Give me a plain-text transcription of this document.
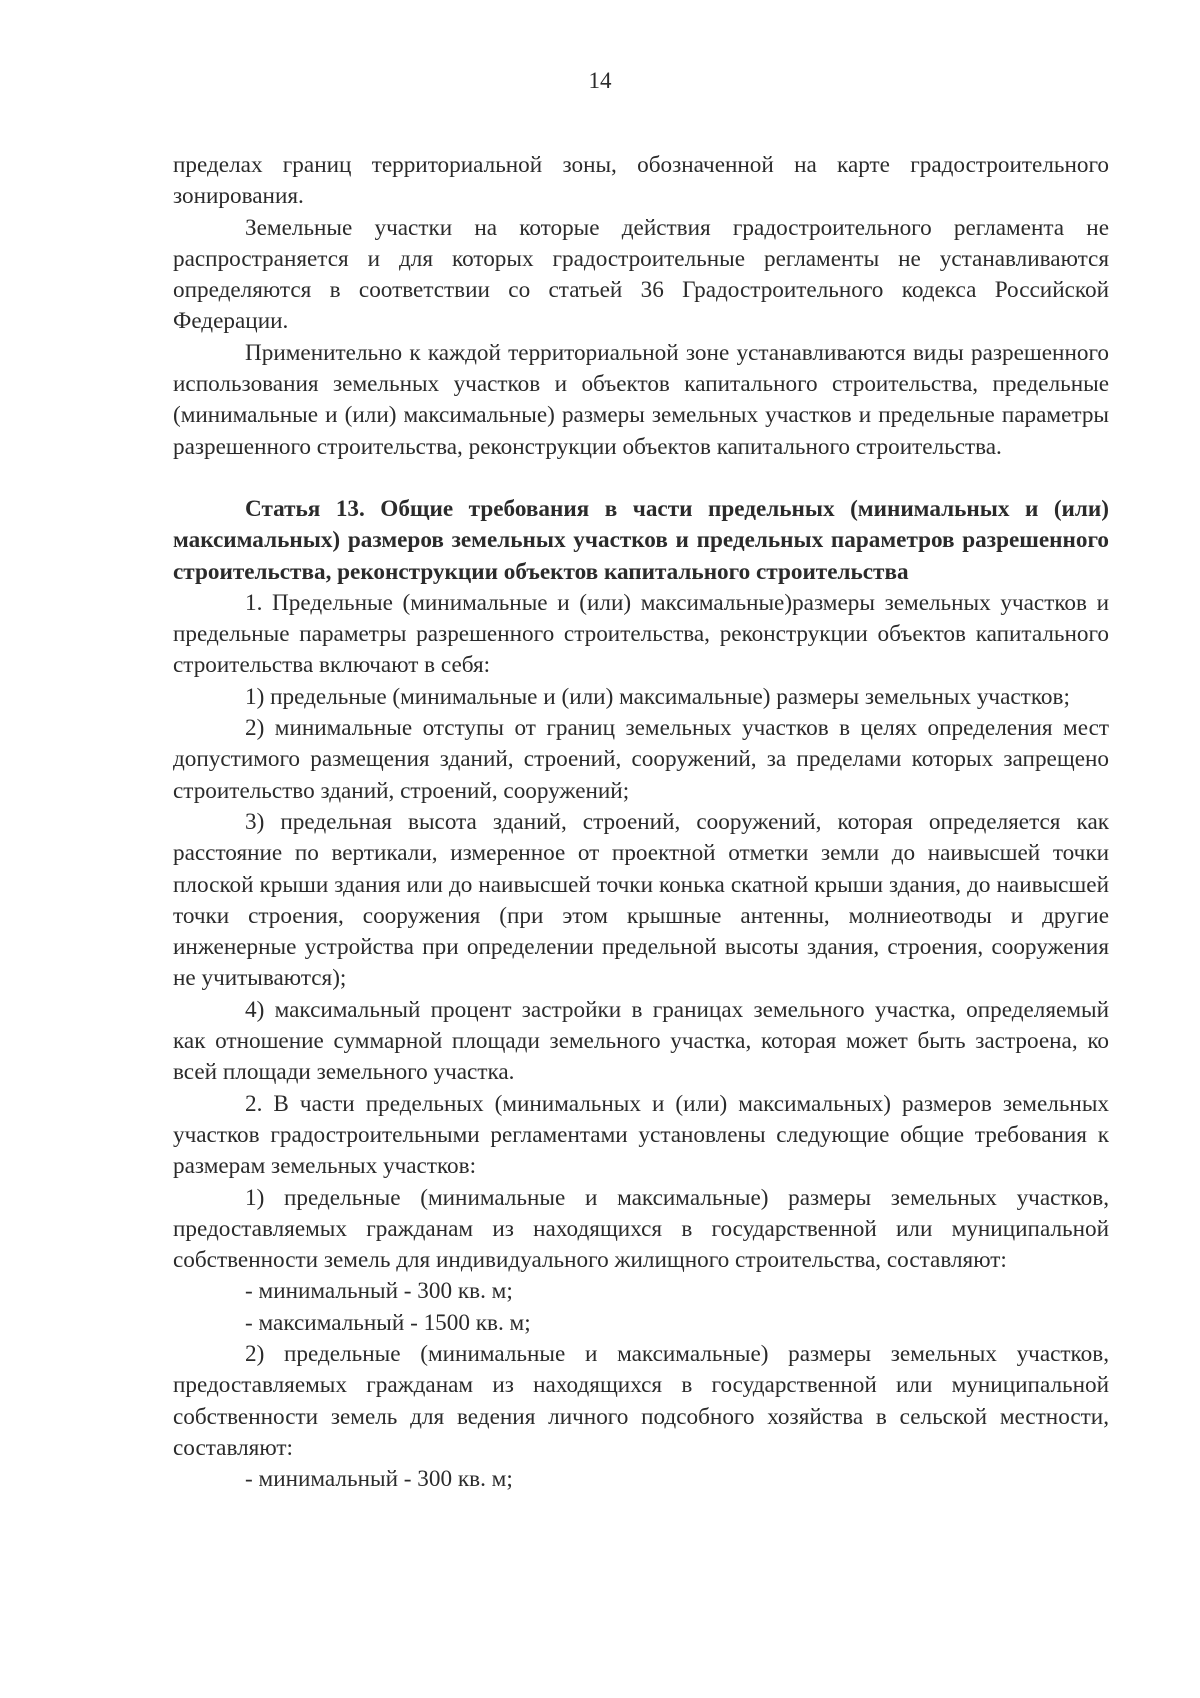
14

пределах границ территориальной зоны, обозначенной на карте градостроительного зонирования.

Земельные участки на которые действия градостроительного регламента не распространяется и для которых градостроительные регламенты не устанавливаются определяются в соответствии со статьей 36 Градостроительного кодекса Российской Федерации.

Применительно к каждой территориальной зоне устанавливаются виды разрешенного использования земельных участков и объектов капитального строительства, предельные (минимальные и (или) максимальные) размеры земельных участков и предельные параметры разрешенного строительства, реконструкции объектов капитального строительства.

Статья 13. Общие требования в части предельных (минимальных и (или) максимальных) размеров земельных участков и предельных параметров разрешенного строительства, реконструкции объектов капитального строительства

1. Предельные (минимальные и (или) максимальные)размеры земельных участков и предельные параметры разрешенного строительства, реконструкции объектов капитального строительства включают в себя:

1) предельные (минимальные и (или) максимальные) размеры земельных участков;

2) минимальные отступы от границ земельных участков в целях определения мест допустимого размещения зданий, строений, сооружений, за пределами которых запрещено строительство зданий, строений, сооружений;

3) предельная высота зданий, строений, сооружений, которая определяется как расстояние по вертикали, измеренное от проектной отметки земли до наивысшей точки плоской крыши здания или до наивысшей точки конька скатной крыши здания, до наивысшей точки строения, сооружения (при этом крышные антенны, молниеотводы и другие инженерные устройства при определении предельной высоты здания, строения, сооружения не учитываются);

4) максимальный процент застройки в границах земельного участка, определяемый как отношение суммарной площади земельного участка, которая может быть застроена, ко всей площади земельного участка.

2. В части предельных (минимальных и (или) максимальных) размеров земельных участков градостроительными регламентами установлены следующие общие требования к размерам земельных участков:

1) предельные (минимальные и максимальные) размеры земельных участков, предоставляемых гражданам из находящихся в государственной или муниципальной собственности земель для индивидуального жилищного строительства, составляют:

- минимальный - 300 кв. м;

- максимальный - 1500 кв. м;

2) предельные (минимальные и максимальные) размеры земельных участков, предоставляемых гражданам из находящихся в государственной или муниципальной собственности земель для ведения личного подсобного хозяйства в сельской местности, составляют:

- минимальный - 300 кв. м;
